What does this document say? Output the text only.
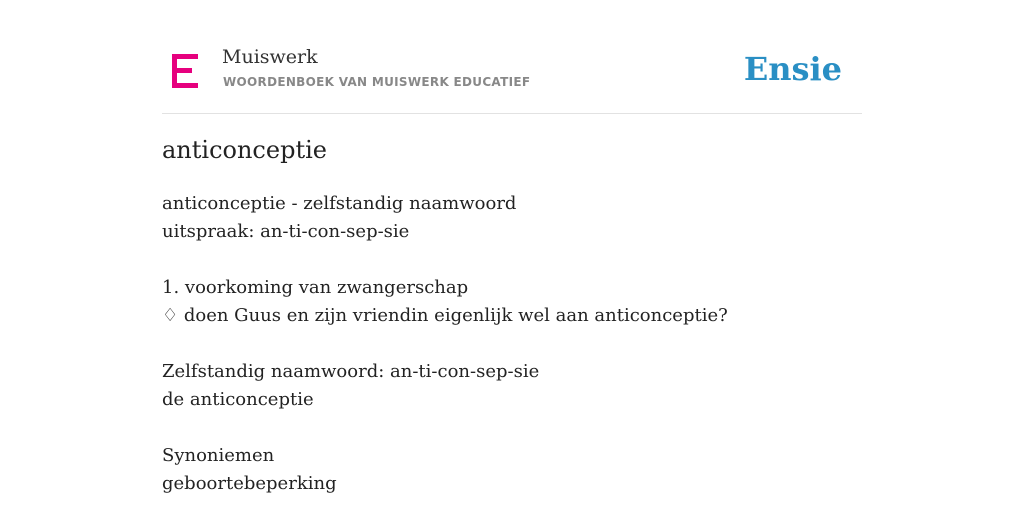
Muiswerk
WOORDENBOEK VAN MUISWERK EDUCATIEF	Ensie
anticonceptie
anticonceptie - zelfstandig naamwoord
uitspraak: an-ti-con-sep-sie
1. voorkoming van zwangerschap
♢ doen Guus en zijn vriendin eigenlijk wel aan anticonceptie?
Zelfstandig naamwoord: an-ti-con-sep-sie
de anticonceptie
Synoniemen
geboortebeperking
